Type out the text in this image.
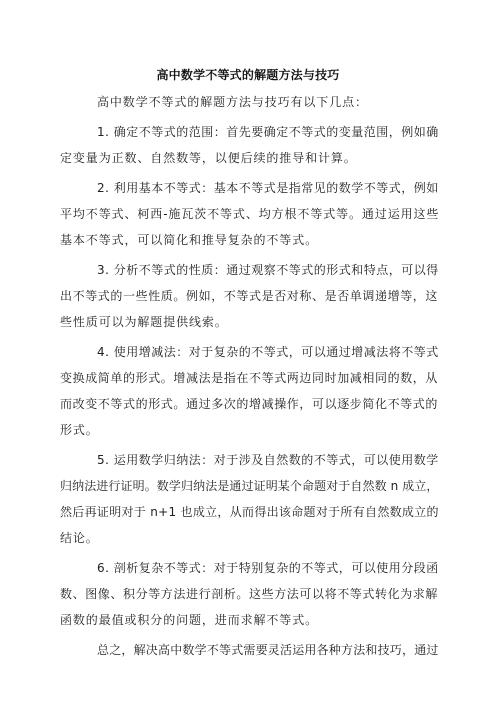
高中数学不等式的解题方法与技巧
高中数学不等式的解题方法与技巧有以下几点：
1. 确定不等式的范围：首先要确定不等式的变量范围，例如确
定变量为正数、自然数等，以便后续的推导和计算。
2. 利用基本不等式：基本不等式是指常见的数学不等式，例如
平均不等式、柯西-施瓦茨不等式、均方根不等式等。通过运用这些
基本不等式，可以简化和推导复杂的不等式。
3. 分析不等式的性质：通过观察不等式的形式和特点，可以得
出不等式的一些性质。例如，不等式是否对称、是否单调递增等，这
些性质可以为解题提供线索。
4. 使用增减法：对于复杂的不等式，可以通过增减法将不等式
变换成简单的形式。增减法是指在不等式两边同时加减相同的数，从
而改变不等式的形式。通过多次的增减操作，可以逐步简化不等式的
形式。
5. 运用数学归纳法：对于涉及自然数的不等式，可以使用数学
归纳法进行证明。数学归纳法是通过证明某个命题对于自然数 n 成立，
然后再证明对于 n+1 也成立，从而得出该命题对于所有自然数成立的
结论。
6. 剖析复杂不等式：对于特别复杂的不等式，可以使用分段函
数、图像、积分等方法进行剖析。这些方法可以将不等式转化为求解
函数的最值或积分的问题，进而求解不等式。
总之，解决高中数学不等式需要灵活运用各种方法和技巧，通过
